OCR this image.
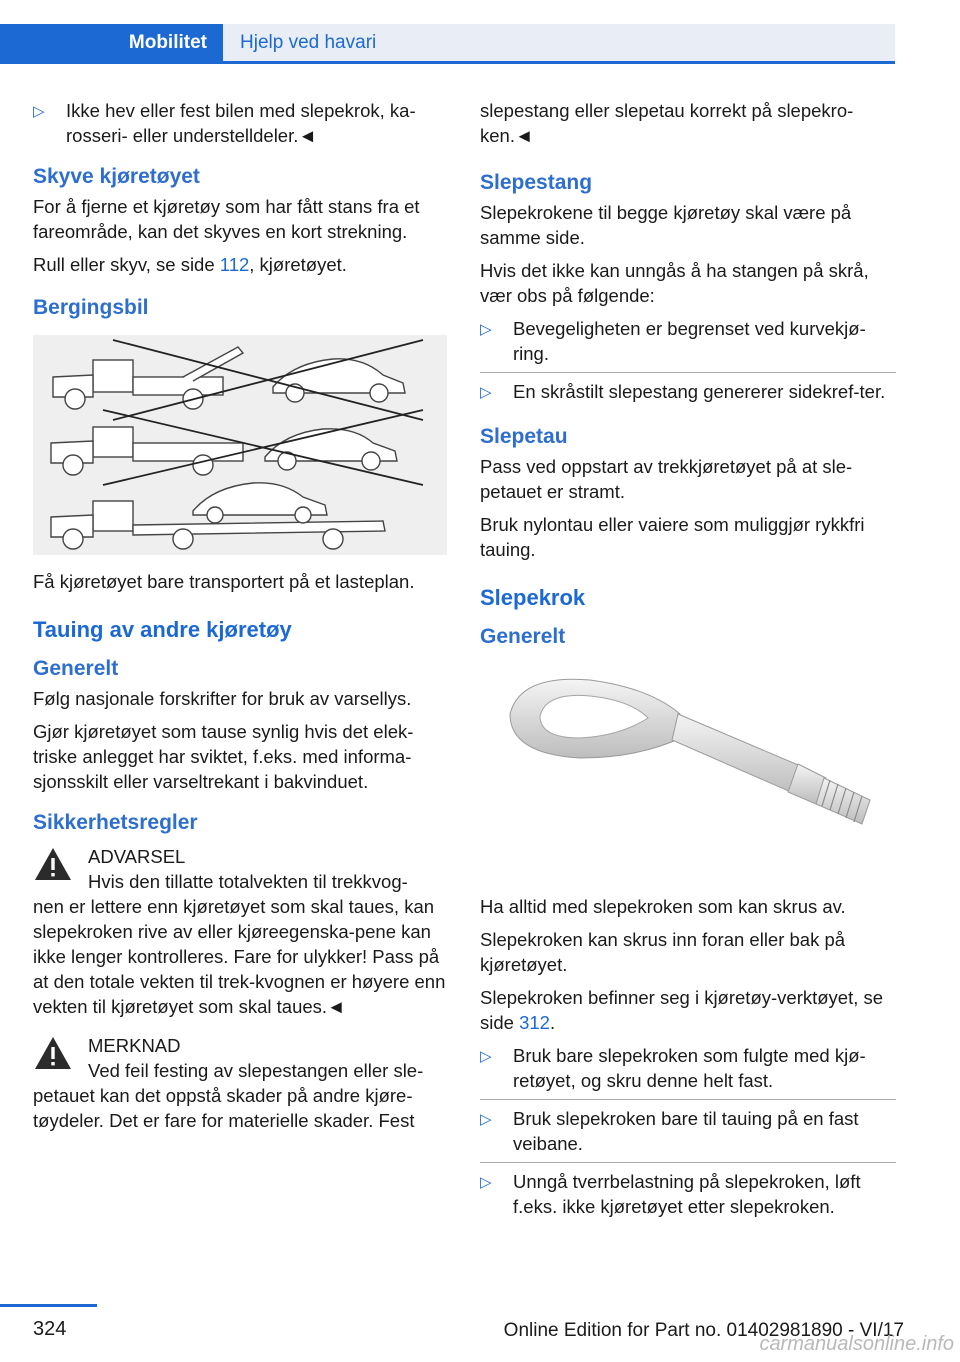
Mobilitet	Hjelp ved havari
▷ Ikke hev eller fest bilen med slepekrok, ka-rosseri- eller understelldeler.◄
Skyve kjøretøyet

For å fjerne et kjøretøy som har fått stans fra et fareområde, kan det skyves en kort strekning.

Rull eller skyv, se side 112, kjøretøyet.

Bergingsbil

Få kjøretøyet bare transportert på et lasteplan.

Tauing av andre kjøretøy
Generelt

Følg nasjonale forskrifter for bruk av varsellys.

Gjør kjøretøyet som tause synlig hvis det elek-triske anlegget har sviktet, f.eks. med informa-sjonsskilt eller varseltrekant i bakvinduet.

Sikkerhetsregler
ADVARSEL
Hvis den tillatte totalvekten til trekkvog-
nen er lettere enn kjøretøyet som skal taues, kan slepekroken rive av eller kjøreegenska-pene kan ikke lenger kontrolleres. Fare for ulykker! Pass på at den totale vekten til trek-kvognen er høyere enn vekten til kjøretøyet som skal taues.◄
MERKNAD
Ved feil festing av slepestangen eller sle-
petauet kan det oppstå skader på andre kjøre-tøydeler. Det er fare for materielle skader. Fest

slepestang eller slepetau korrekt på slepekro-ken.◄

Slepestang

Slepekrokene til begge kjøretøy skal være på samme side.

Hvis det ikke kan unngås å ha stangen på skrå, vær obs på følgende:

▷ Bevegeligheten er begrenset ved kurvekjø-ring.
▷ En skråstilt slepestang genererer sidekref-ter.
Slepetau

Pass ved oppstart av trekkjøretøyet på at sle-petauet er stramt.

Bruk nylontau eller vaiere som muliggjør rykkfri tauing.

Slepekrok
Generelt

Ha alltid med slepekroken som kan skrus av.

Slepekroken kan skrus inn foran eller bak på kjøretøyet.

Slepekroken befinner seg i kjøretøy-verktøyet, se side 312.

▷ Bruk bare slepekroken som fulgte med kjø-retøyet, og skru denne helt fast.
▷ Bruk slepekroken bare til tauing på en fast veibane.
▷ Unngå tverrbelastning på slepekroken, løft f.eks. ikke kjøretøyet etter slepekroken.
324	Online Edition for Part no. 01402981890 - VI/17
carmanualsonline.info
